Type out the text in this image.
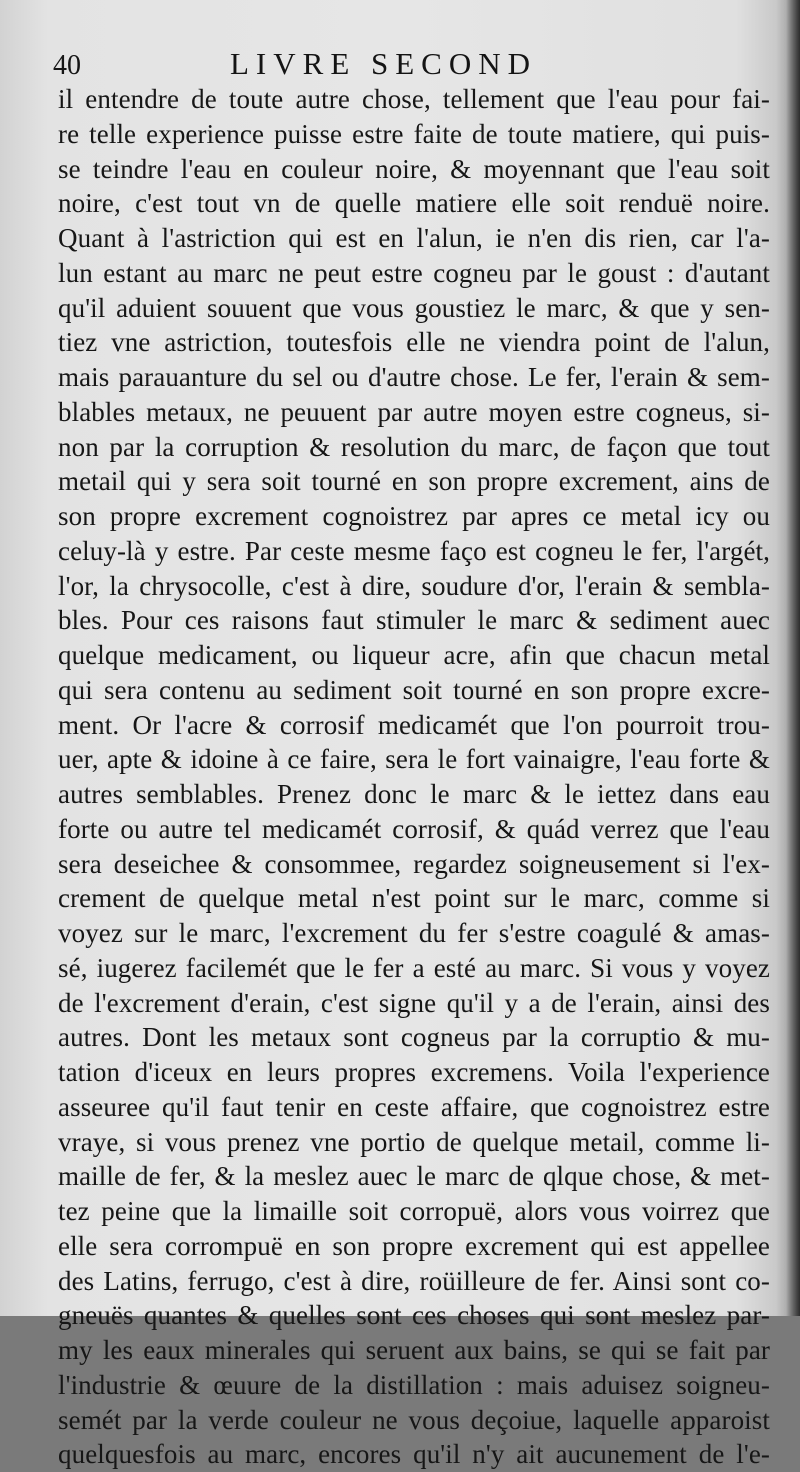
40	LIVRE SECOND
il entendre de toute autre chose, tellement que l'eau pour fai-
re telle experience puisse estre faite de toute matiere, qui puis-
se teindre l'eau en couleur noire, & moyennant que l'eau soit
noire, c'est tout vn de quelle matiere elle soit renduë noire.
Quant à l'astriction qui est en l'alun, ie n'en dis rien, car l'a-
lun estant au marc ne peut estre cogneu par le goust : d'autant
qu'il aduient souuent que vous goustiez le marc, & que y sen-
tiez vne astriction, toutesfois elle ne viendra point de l'alun,
mais parauanture du sel ou d'autre chose. Le fer, l'erain & sem-
blables metaux, ne peuuent par autre moyen estre cogneus, si-
non par la corruption & resolution du marc, de façon que tout
metail qui y sera soit tourné en son propre excrement, ains de
son propre excrement cognoistrez par apres ce metal icy ou
celuy-là y estre. Par ceste mesme faço est cogneu le fer, l'argét,
l'or, la chrysocolle, c'est à dire, soudure d'or, l'erain & sembla-
bles. Pour ces raisons faut stimuler le marc & sediment auec
quelque medicament, ou liqueur acre, afin que chacun metal
qui sera contenu au sediment soit tourné en son propre excre-
ment. Or l'acre & corrosif medicamét que l'on pourroit trou-
uer, apte & idoine à ce faire, sera le fort vainaigre, l'eau forte &
autres semblables. Prenez donc le marc & le iettez dans eau
forte ou autre tel medicamét corrosif, & quád verrez que l'eau
sera deseichee & consommee, regardez soigneusement si l'ex-
crement de quelque metal n'est point sur le marc, comme si
voyez sur le marc, l'excrement du fer s'estre coagulé & amas-
sé, iugerez facilemét que le fer a esté au marc. Si vous y voyez
de l'excrement d'erain, c'est signe qu'il y a de l'erain, ainsi des
autres. Dont les metaux sont cogneus par la corruptio & mu-
tation d'iceux en leurs propres excremens. Voila l'experience
asseuree qu'il faut tenir en ceste affaire, que cognoistrez estre
vraye, si vous prenez vne portio de quelque metail, comme li-
maille de fer, & la meslez auec le marc de qlque chose, & met-
tez peine que la limaille soit corropuë, alors vous voirrez que
elle sera corrompuë en son propre excrement qui est appellee
des Latins, ferrugo, c'est à dire, roüilleure de fer. Ainsi sont co-
gneuës quantes & quelles sont ces choses qui sont meslez par-
my les eaux minerales qui seruent aux bains, se qui se fait par
l'industrie & œuure de la distillation : mais aduisez soigneu-
semét par la verde couleur ne vous deçoiue, laquelle apparoist
quelquesfois au marc, encores qu'il n'y ait aucunement de l'e-
